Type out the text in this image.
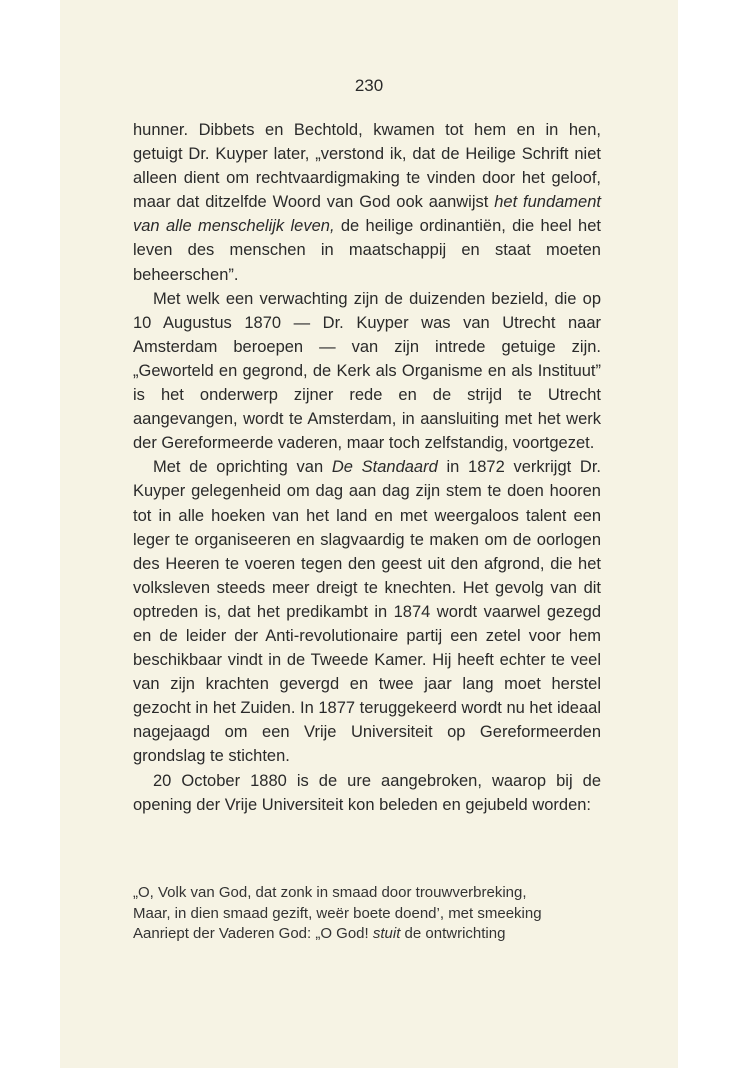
230

hunner. Dibbets en Bechtold, kwamen tot hem en in hen, getuigt Dr. Kuyper later, „verstond ik, dat de Heilige Schrift niet alleen dient om rechtvaardigmaking te vinden door het geloof, maar dat ditzelfde Woord van God ook aanwijst het fundament van alle menschelijk leven, de heilige ordinantiën, die heel het leven des menschen in maatschappij en staat moeten beheerschen”.

Met welk een verwachting zijn de duizenden bezield, die op 10 Augustus 1870 — Dr. Kuyper was van Utrecht naar Amsterdam beroepen — van zijn intrede getuige zijn. „Geworteld en gegrond, de Kerk als Organisme en als Instituut” is het onderwerp zijner rede en de strijd te Utrecht aangevangen, wordt te Amsterdam, in aansluiting met het werk der Gereformeerde vaderen, maar toch zelfstandig, voortgezet.

Met de oprichting van De Standaard in 1872 verkrijgt Dr. Kuyper gelegenheid om dag aan dag zijn stem te doen hooren tot in alle hoeken van het land en met weergaloos talent een leger te organiseeren en slagvaardig te maken om de oorlogen des Heeren te voeren tegen den geest uit den afgrond, die het volksleven steeds meer dreigt te knechten. Het gevolg van dit optreden is, dat het predikambt in 1874 wordt vaarwel gezegd en de leider der Anti-revolutionaire partij een zetel voor hem beschikbaar vindt in de Tweede Kamer. Hij heeft echter te veel van zijn krachten gevergd en twee jaar lang moet herstel gezocht in het Zuiden. In 1877 teruggekeerd wordt nu het ideaal nagejaagd om een Vrije Universiteit op Gereformeerden grondslag te stichten.

20 October 1880 is de ure aangebroken, waarop bij de opening der Vrije Universiteit kon beleden en gejubeld worden:

„O, Volk van God, dat zonk in smaad door trouwverbreking,
Maar, in dien smaad gezift, weër boete doend’, met smeeking
Aanriept der Vaderen God: „O God! stuit de ontwrichting
